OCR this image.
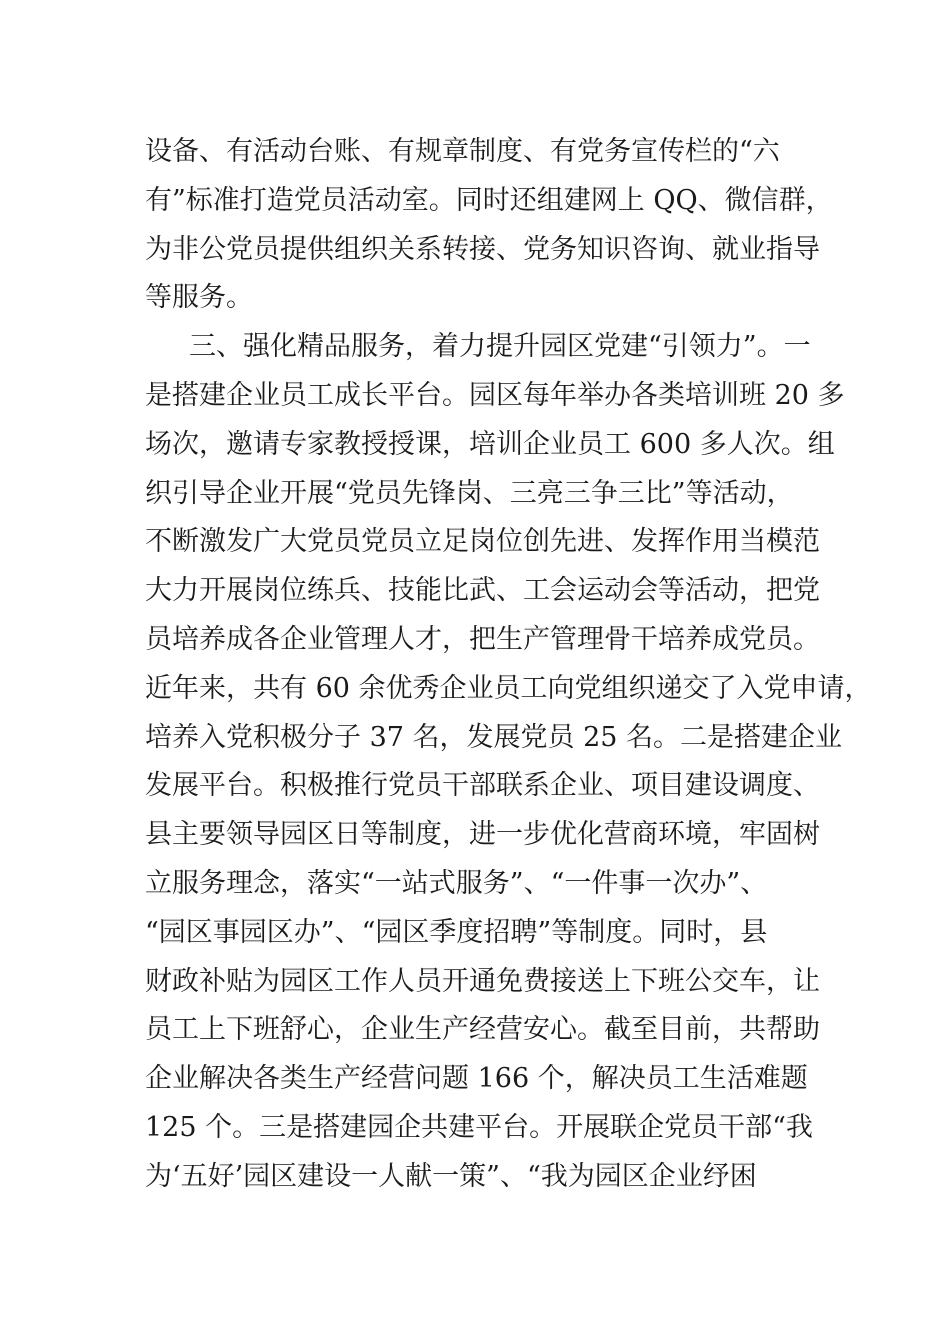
设备、有活动台账、有规章制度、有党务宣传栏的“六
有”标准打造党员活动室。同时还组建网上 QQ、微信群，
为非公党员提供组织关系转接、党务知识咨询、就业指导
等服务。
三、强化精品服务，着力提升园区党建“引领力”。一
是搭建企业员工成长平台。园区每年举办各类培训班 20 多
场次，邀请专家教授授课，培训企业员工 600 多人次。组
织引导企业开展“党员先锋岗、三亮三争三比”等活动，
不断激发广大党员党员立足岗位创先进、发挥作用当模范
大力开展岗位练兵、技能比武、工会运动会等活动，把党
员培养成各企业管理人才，把生产管理骨干培养成党员。
近年来，共有 60 余优秀企业员工向党组织递交了入党申请，
培养入党积极分子 37 名，发展党员 25 名。二是搭建企业
发展平台。积极推行党员干部联系企业、项目建设调度、
县主要领导园区日等制度，进一步优化营商环境，牢固树
立服务理念，落实“一站式服务”、“一件事一次办”、
“园区事园区办”、“园区季度招聘”等制度。同时，县
财政补贴为园区工作人员开通免费接送上下班公交车，让
员工上下班舒心，企业生产经营安心。截至目前，共帮助
企业解决各类生产经营问题 166 个，解决员工生活难题
125 个。三是搭建园企共建平台。开展联企党员干部“我
为‘五好’园区建设一人献一策”、“我为园区企业纾困
